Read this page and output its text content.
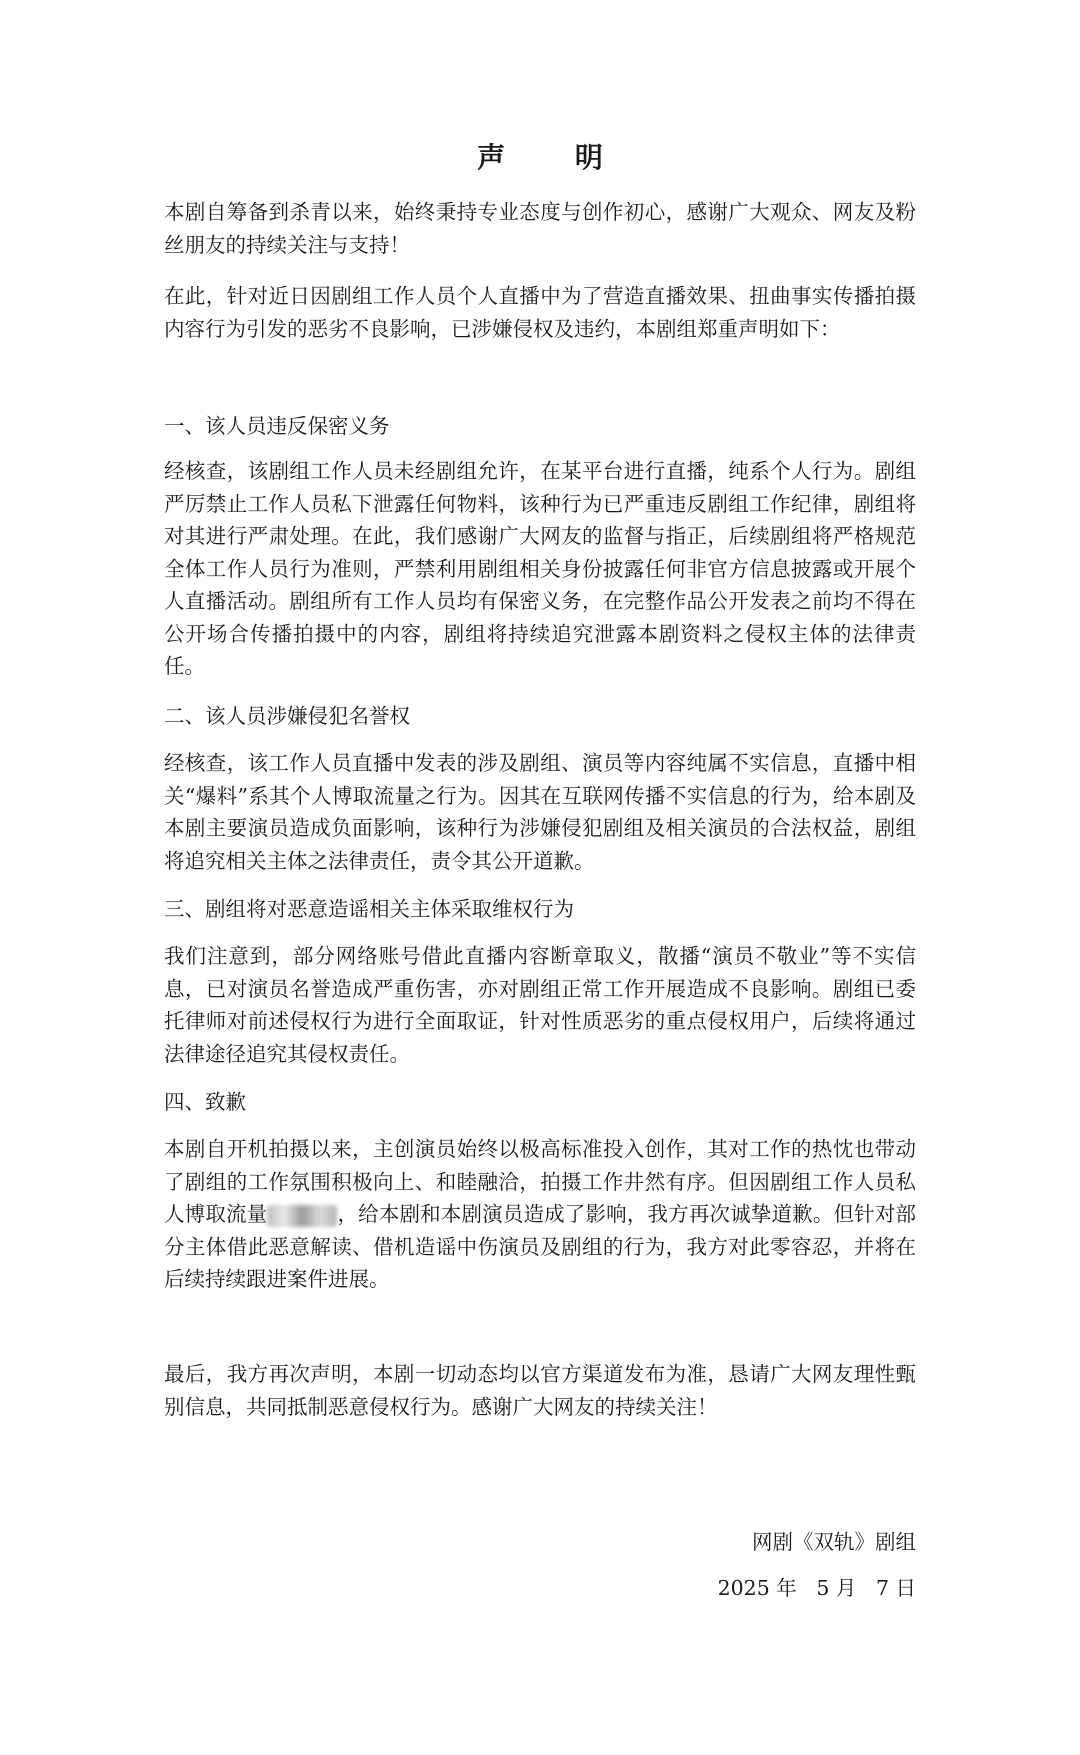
声 明

本剧自筹备到杀青以来，始终秉持专业态度与创作初心，感谢广大观众、网友及粉丝朋友的持续关注与支持！

在此，针对近日因剧组工作人员个人直播中为了营造直播效果、扭曲事实传播拍摄内容行为引发的恶劣不良影响，已涉嫌侵权及违约，本剧组郑重声明如下：

一、该人员违反保密义务

经核查，该剧组工作人员未经剧组允许，在某平台进行直播，纯系个人行为。剧组严厉禁止工作人员私下泄露任何物料，该种行为已严重违反剧组工作纪律，剧组将对其进行严肃处理。在此，我们感谢广大网友的监督与指正，后续剧组将严格规范全体工作人员行为准则，严禁利用剧组相关身份披露任何非官方信息披露或开展个人直播活动。剧组所有工作人员均有保密义务，在完整作品公开发表之前均不得在公开场合传播拍摄中的内容，剧组将持续追究泄露本剧资料之侵权主体的法律责任。

二、该人员涉嫌侵犯名誉权

经核查，该工作人员直播中发表的涉及剧组、演员等内容纯属不实信息，直播中相关“爆料”系其个人博取流量之行为。因其在互联网传播不实信息的行为，给本剧及本剧主要演员造成负面影响，该种行为涉嫌侵犯剧组及相关演员的合法权益，剧组将追究相关主体之法律责任，责令其公开道歉。

三、剧组将对恶意造谣相关主体采取维权行为

我们注意到，部分网络账号借此直播内容断章取义，散播“演员不敬业”等不实信息，已对演员名誉造成严重伤害，亦对剧组正常工作开展造成不良影响。剧组已委托律师对前述侵权行为进行全面取证，针对性质恶劣的重点侵权用户，后续将通过法律途径追究其侵权责任。

四、致歉

本剧自开机拍摄以来，主创演员始终以极高标准投入创作，其对工作的热忱也带动了剧组的工作氛围积极向上、和睦融洽，拍摄工作井然有序。但因剧组工作人员私人博取流量	，给本剧和本剧演员造成了影响，我方再次诚挚道歉。但针对部分主体借此恶意解读、借机造谣中伤演员及剧组的行为，我方对此零容忍，并将在后续持续跟进案件进展。

最后，我方再次声明，本剧一切动态均以官方渠道发布为准，恳请广大网友理性甄别信息，共同抵制恶意侵权行为。感谢广大网友的持续关注！

网剧《双轨》剧组
2025 年   5 月   7 日
